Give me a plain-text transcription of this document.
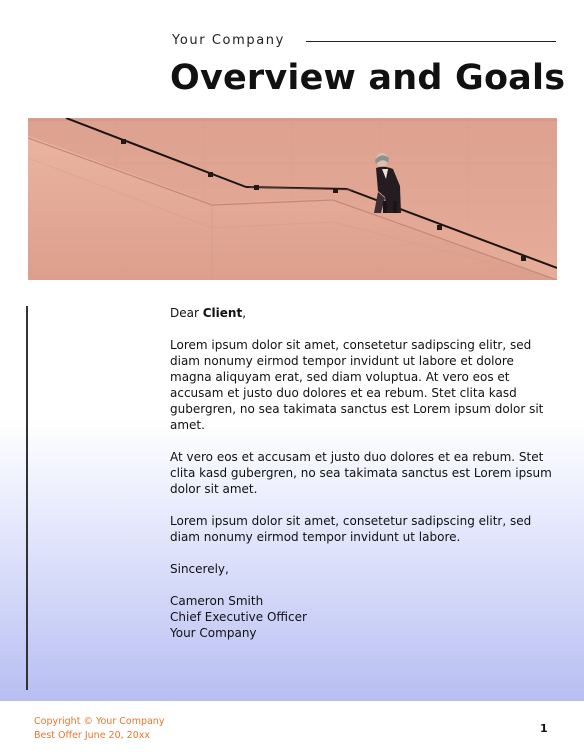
Your Company
Overview and Goals

Dear Client,

Lorem ipsum dolor sit amet, consetetur sadipscing elitr, sed diam nonumy eirmod tempor invidunt ut labore et dolore magna aliquyam erat, sed diam voluptua. At vero eos et accusam et justo duo dolores et ea rebum. Stet clita kasd gubergren, no sea takimata sanctus est Lorem ipsum dolor sit amet.

At vero eos et accusam et justo duo dolores et ea rebum. Stet clita kasd gubergren, no sea takimata sanctus est Lorem ipsum dolor sit amet.

Lorem ipsum dolor sit amet, consetetur sadipscing elitr, sed diam nonumy eirmod tempor invidunt ut labore.

Sincerely,

Cameron Smith

Chief Executive Officer

Your Company

Copyright © Your Company
Best Offer June 20, 20xx
1
